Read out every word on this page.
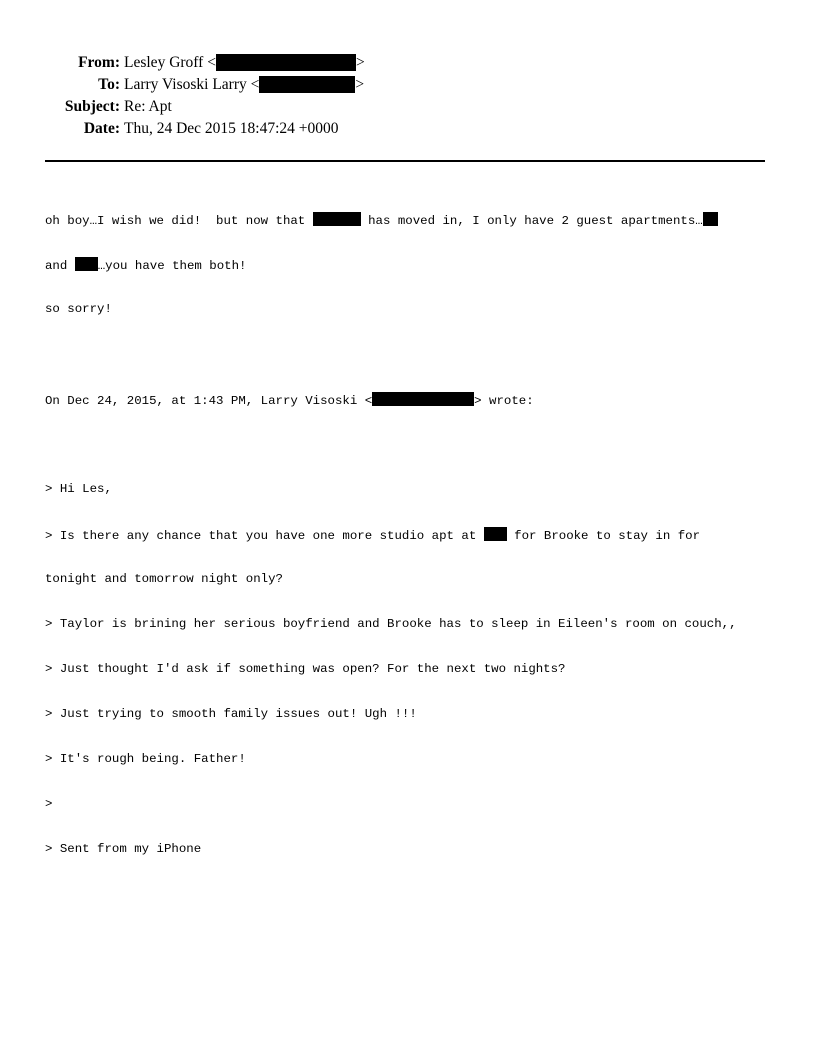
From: Lesley Groff <	>
To: Larry Visoski Larry <	>
Subject: Re: Apt
Date: Thu, 24 Dec 2015 18:47:24 +0000

oh boy…I wish we did!  but now that	has moved in, I only have 2 guest apartments…

and …you have them both!

so sorry!

On Dec 24, 2015, at 1:43 PM, Larry Visoski <	> wrote:

> Hi Les,

> Is there any chance that you have one more studio apt at  for Brooke to stay in for

tonight and tomorrow night only?

> Taylor is brining her serious boyfriend and Brooke has to sleep in Eileen's room on couch,,

> Just thought I'd ask if something was open? For the next two nights?

> Just trying to smooth family issues out! Ugh !!!

> It's rough being. Father!

>

> Sent from my iPhone
